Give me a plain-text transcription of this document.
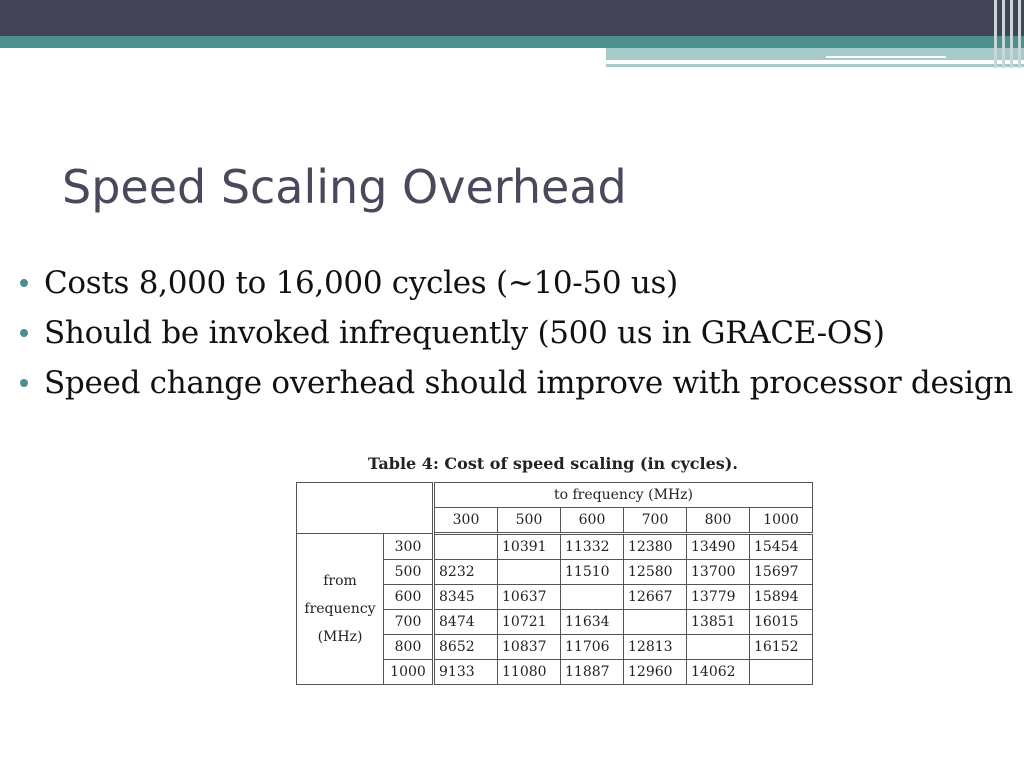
Speed Scaling Overhead
Costs 8,000 to 16,000 cycles (~10-50 us)
Should be invoked infrequently (500 us in GRACE-OS)
Speed change overhead should improve with processor design

Table 4: Cost of speed scaling (in cycles).

		to frequency (MHz)					
		300	500	600	700	800	1000

from
frequency
(MHz)	300		10391	11332	12380	13490	15454
	500	8232		11510	12580	13700	15697
	600	8345	10637		12667	13779	15894
	700	8474	10721	11634		13851	16015
	800	8652	10837	11706	12813		16152
	1000	9133	11080	11887	12960	14062	
